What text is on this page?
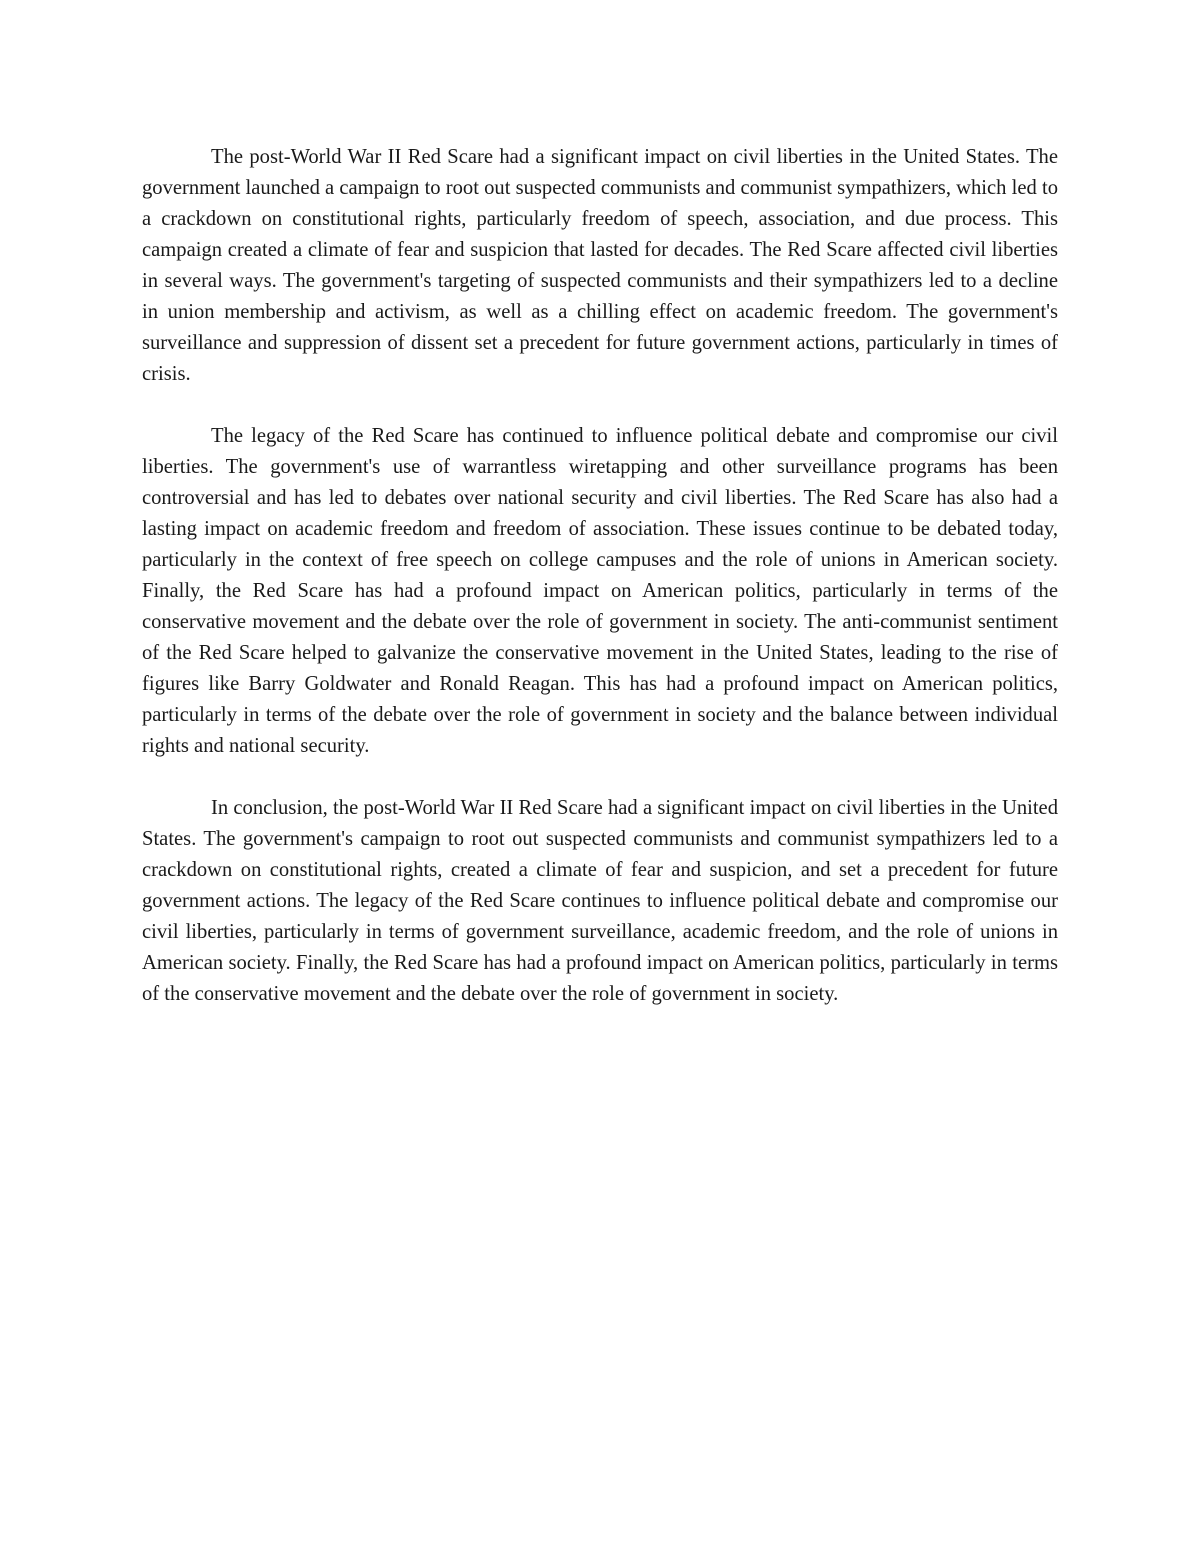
The post-World War II Red Scare had a significant impact on civil liberties in the United States. The government launched a campaign to root out suspected communists and communist sympathizers, which led to a crackdown on constitutional rights, particularly freedom of speech, association, and due process. This campaign created a climate of fear and suspicion that lasted for decades. The Red Scare affected civil liberties in several ways. The government's targeting of suspected communists and their sympathizers led to a decline in union membership and activism, as well as a chilling effect on academic freedom. The government's surveillance and suppression of dissent set a precedent for future government actions, particularly in times of crisis.

The legacy of the Red Scare has continued to influence political debate and compromise our civil liberties. The government's use of warrantless wiretapping and other surveillance programs has been controversial and has led to debates over national security and civil liberties. The Red Scare has also had a lasting impact on academic freedom and freedom of association. These issues continue to be debated today, particularly in the context of free speech on college campuses and the role of unions in American society. Finally, the Red Scare has had a profound impact on American politics, particularly in terms of the conservative movement and the debate over the role of government in society. The anti-communist sentiment of the Red Scare helped to galvanize the conservative movement in the United States, leading to the rise of figures like Barry Goldwater and Ronald Reagan. This has had a profound impact on American politics, particularly in terms of the debate over the role of government in society and the balance between individual rights and national security.

In conclusion, the post-World War II Red Scare had a significant impact on civil liberties in the United States. The government's campaign to root out suspected communists and communist sympathizers led to a crackdown on constitutional rights, created a climate of fear and suspicion, and set a precedent for future government actions. The legacy of the Red Scare continues to influence political debate and compromise our civil liberties, particularly in terms of government surveillance, academic freedom, and the role of unions in American society. Finally, the Red Scare has had a profound impact on American politics, particularly in terms of the conservative movement and the debate over the role of government in society.
